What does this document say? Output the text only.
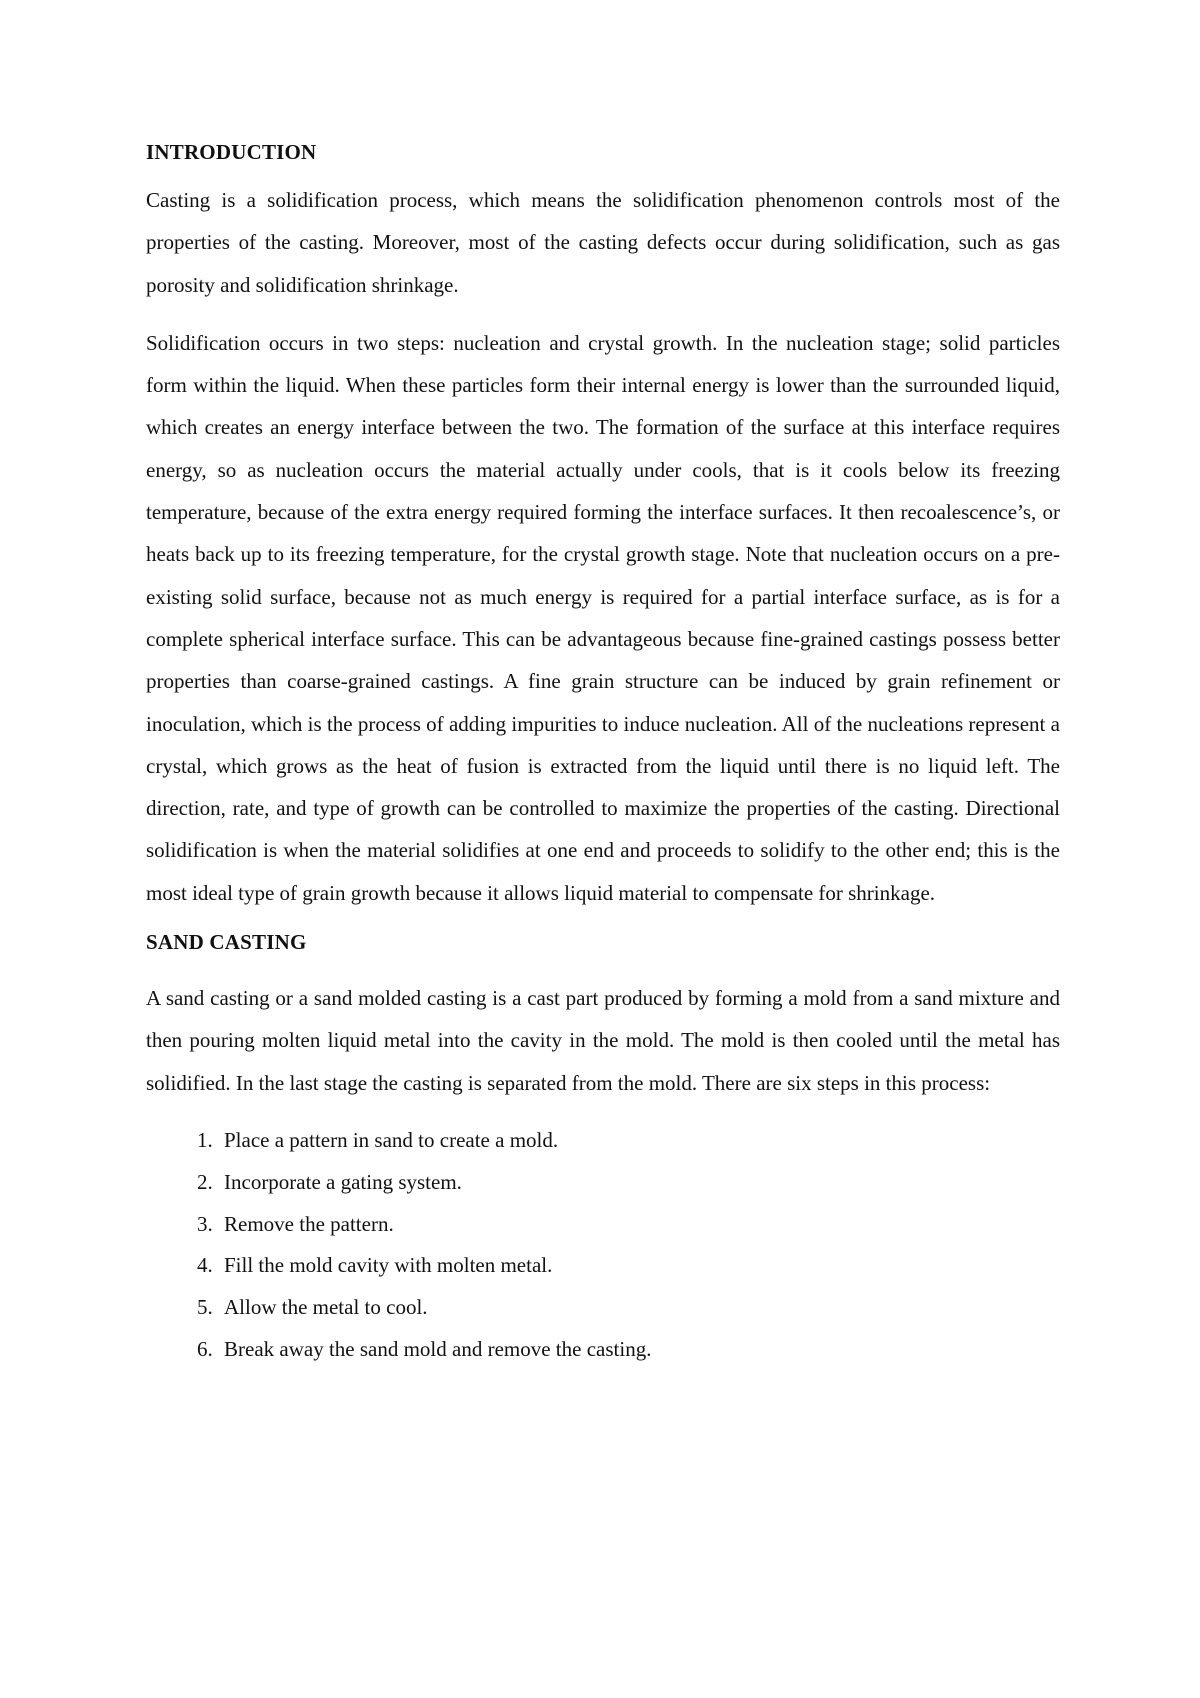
INTRODUCTION

Casting is a solidification process, which means the solidification phenomenon controls most of the properties of the casting. Moreover, most of the casting defects occur during solidification, such as gas porosity and solidification shrinkage.

Solidification occurs in two steps: nucleation and crystal growth. In the nucleation stage; solid particles form within the liquid. When these particles form their internal energy is lower than the surrounded liquid, which creates an energy interface between the two. The formation of the surface at this interface requires energy, so as nucleation occurs the material actually under cools, that is it cools below its freezing temperature, because of the extra energy required forming the interface surfaces. It then recoalescence’s, or heats back up to its freezing temperature, for the crystal growth stage. Note that nucleation occurs on a pre-existing solid surface, because not as much energy is required for a partial interface surface, as is for a complete spherical interface surface. This can be advantageous because fine-grained castings possess better properties than coarse-grained castings. A fine grain structure can be induced by grain refinement or inoculation, which is the process of adding impurities to induce nucleation. All of the nucleations represent a crystal, which grows as the heat of fusion is extracted from the liquid until there is no liquid left. The direction, rate, and type of growth can be controlled to maximize the properties of the casting. Directional solidification is when the material solidifies at one end and proceeds to solidify to the other end; this is the most ideal type of grain growth because it allows liquid material to compensate for shrinkage.

SAND CASTING

A sand casting or a sand molded casting is a cast part produced by forming a mold from a sand mixture and then pouring molten liquid metal into the cavity in the mold. The mold is then cooled until the metal has solidified. In the last stage the casting is separated from the mold. There are six steps in this process:

1. Place a pattern in sand to create a mold.
2. Incorporate a gating system.
3. Remove the pattern.
4. Fill the mold cavity with molten metal.
5. Allow the metal to cool.
6. Break away the sand mold and remove the casting.
